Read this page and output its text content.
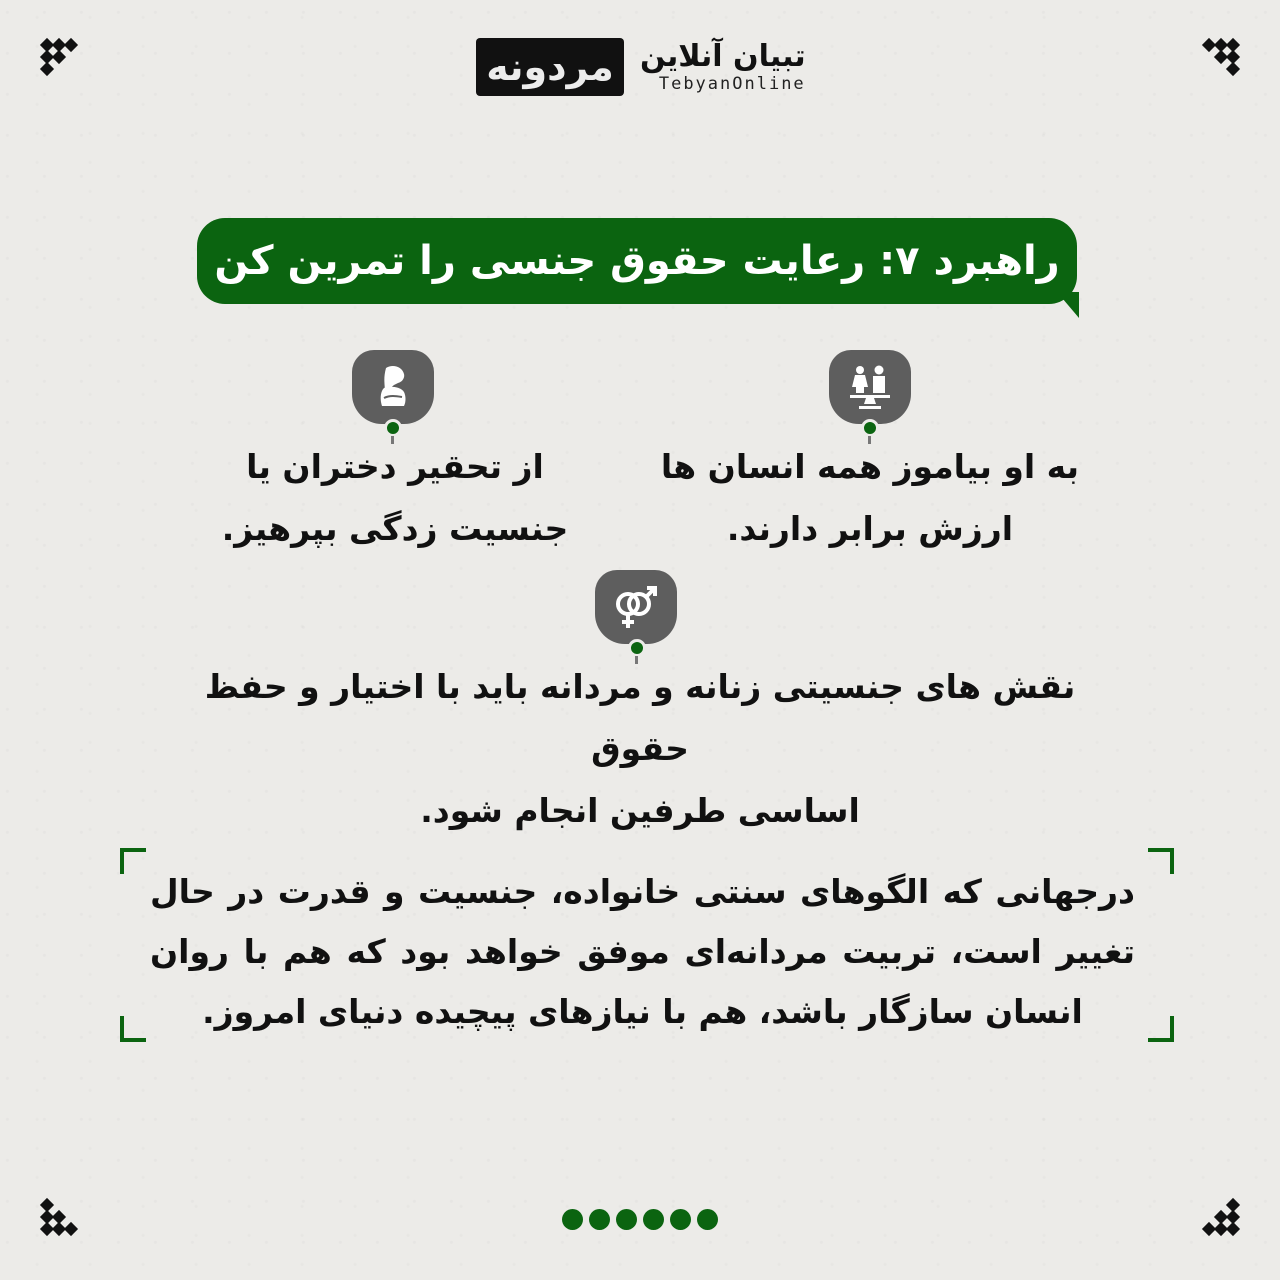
مردونه تبیان آنلاین
TebyanOnline
راهبرد ۷: رعایت حقوق جنسی را تمرین کن
به او بیاموز همه انسان ها
ارزش برابر دارند.
از تحقیر دختران یا
جنسیت زدگی بپرهیز.
نقش های جنسیتی زنانه و مردانه باید با اختیار و حفظ حقوق
اساسی طرفین انجام شود.
درجهانی که الگوهای سنتی خانواده، جنسیت و قدرت در حال تغییر است، تربیت مردانه‌ای موفق خواهد بود که هم با روان انسان سازگار باشد، هم با نیازهای پیچیده دنیای امروز.
